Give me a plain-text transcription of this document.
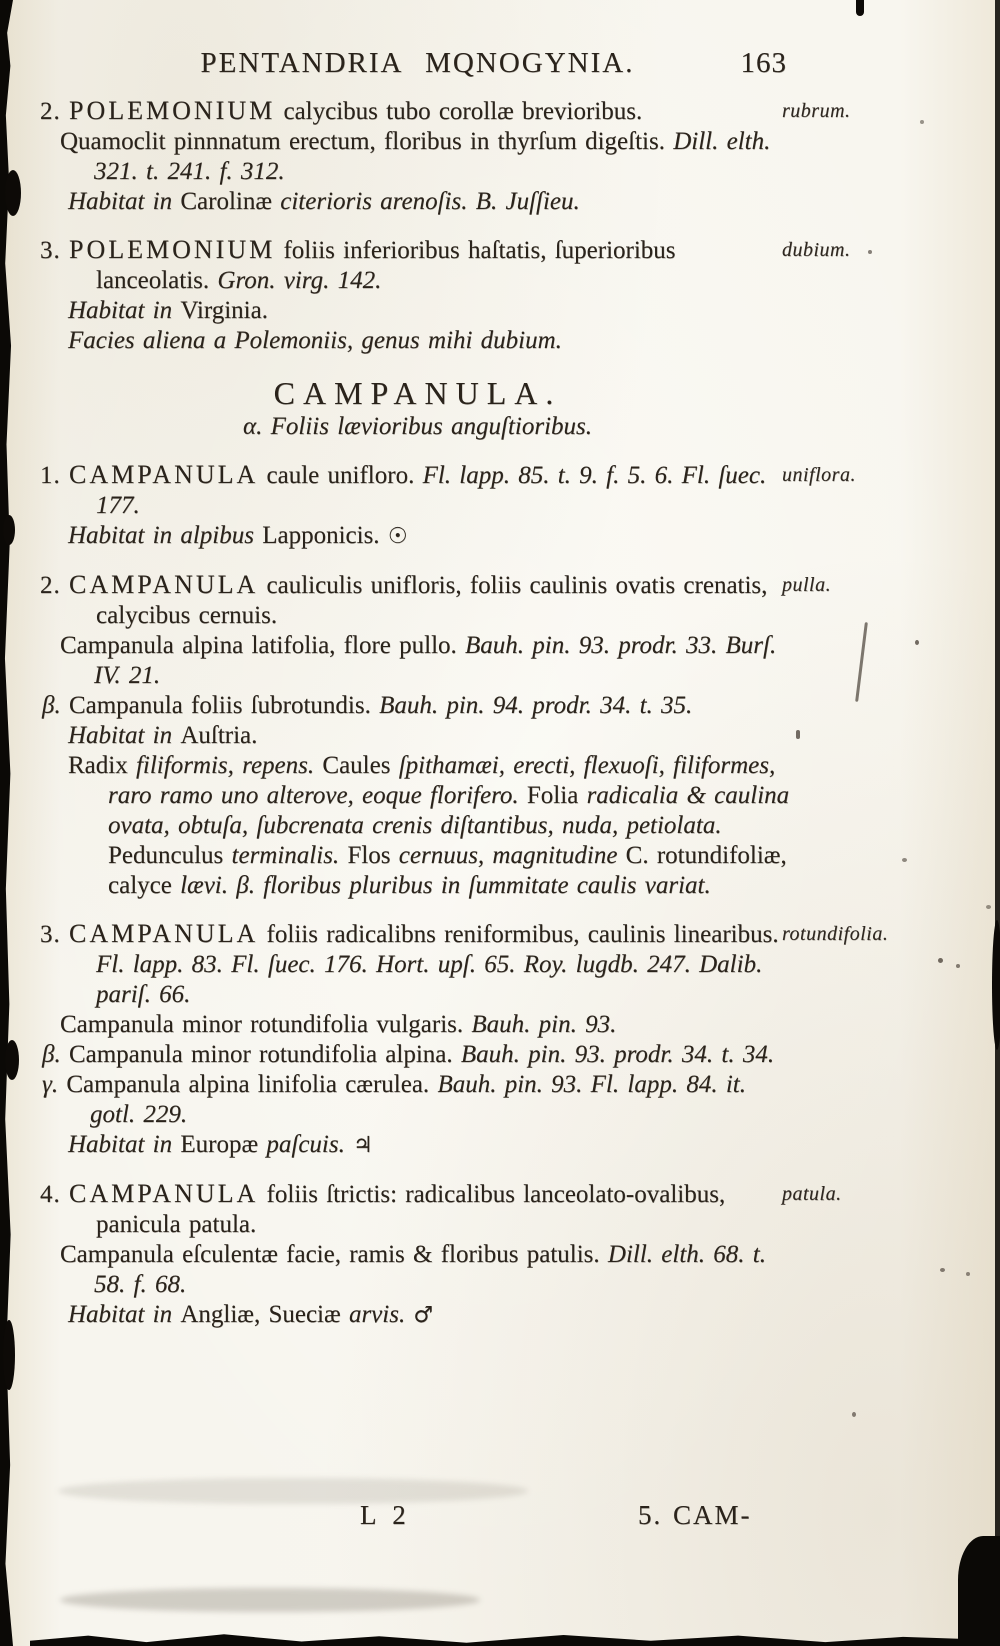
PENTANDRIA MQNOGYNIA.	163

2. POLEMONIUM calycibus tubo corollæ brevioribus.	rubrum.

Quamoclit pinnnatum erectum, floribus in thyrſum digeſtis. Dill. elth. 321. t. 241. f. 312.

Habitat in Carolinæ citerioris arenoſis. B. Juſſieu.

3. POLEMONIUM foliis inferioribus haſtatis, ſuperioribus lanceolatis. Gron. virg. 142.

dubium.

Habitat in Virginia.

Facies aliena a Polemoniis, genus mihi dubium.

CAMPANULA.
α. Foliis lævioribus anguſtioribus.

1. CAMPANULA caule unifloro. Fl. lapp. 85. t. 9. f. 5. 6. Fl. ſuec. 177.

uniflora.

Habitat in alpibus Lapponicis. ☉

2. CAMPANULA cauliculis unifloris, foliis caulinis ovatis crenatis, calycibus cernuis.

pulla.

Campanula alpina latifolia, flore pullo. Bauh. pin. 93. prodr. 33. Burſ. IV. 21.

β. Campanula foliis ſubrotundis. Bauh. pin. 94. prodr. 34. t. 35.

Habitat in Auſtria.

Radix filiformis, repens. Caules ſpithamæi, erecti, flexuoſi, filiformes, raro ramo uno alterove, eoque florifero. Folia radicalia & caulina ovata, obtuſa, ſubcrenata crenis diſtantibus, nuda, petiolata. Pedunculus terminalis. Flos cernuus, magnitudine C. rotundifoliæ, calyce lævi. β. floribus pluribus in ſummitate caulis variat.

3. CAMPANULA foliis radicalibns reniformibus, caulinis linearibus. Fl. lapp. 83. Fl. ſuec. 176. Hort. upſ. 65. Roy. lugdb. 247. Dalib. pariſ. 66.

rotundifolia.

Campanula minor rotundifolia vulgaris. Bauh. pin. 93.

β. Campanula minor rotundifolia alpina. Bauh. pin. 93. prodr. 34. t. 34.

γ. Campanula alpina linifolia cærulea. Bauh. pin. 93. Fl. lapp. 84. it. gotl. 229.

Habitat in Europæ paſcuis. ♃

4. CAMPANULA foliis ſtrictis: radicalibus lanceolato-ovalibus, panicula patula.

patula.

Campanula eſculentæ facie, ramis & floribus patulis. Dill. elth. 68. t. 58. f. 68.

Habitat in Angliæ, Sueciæ arvis. ♂

L 2	5. CAM-
